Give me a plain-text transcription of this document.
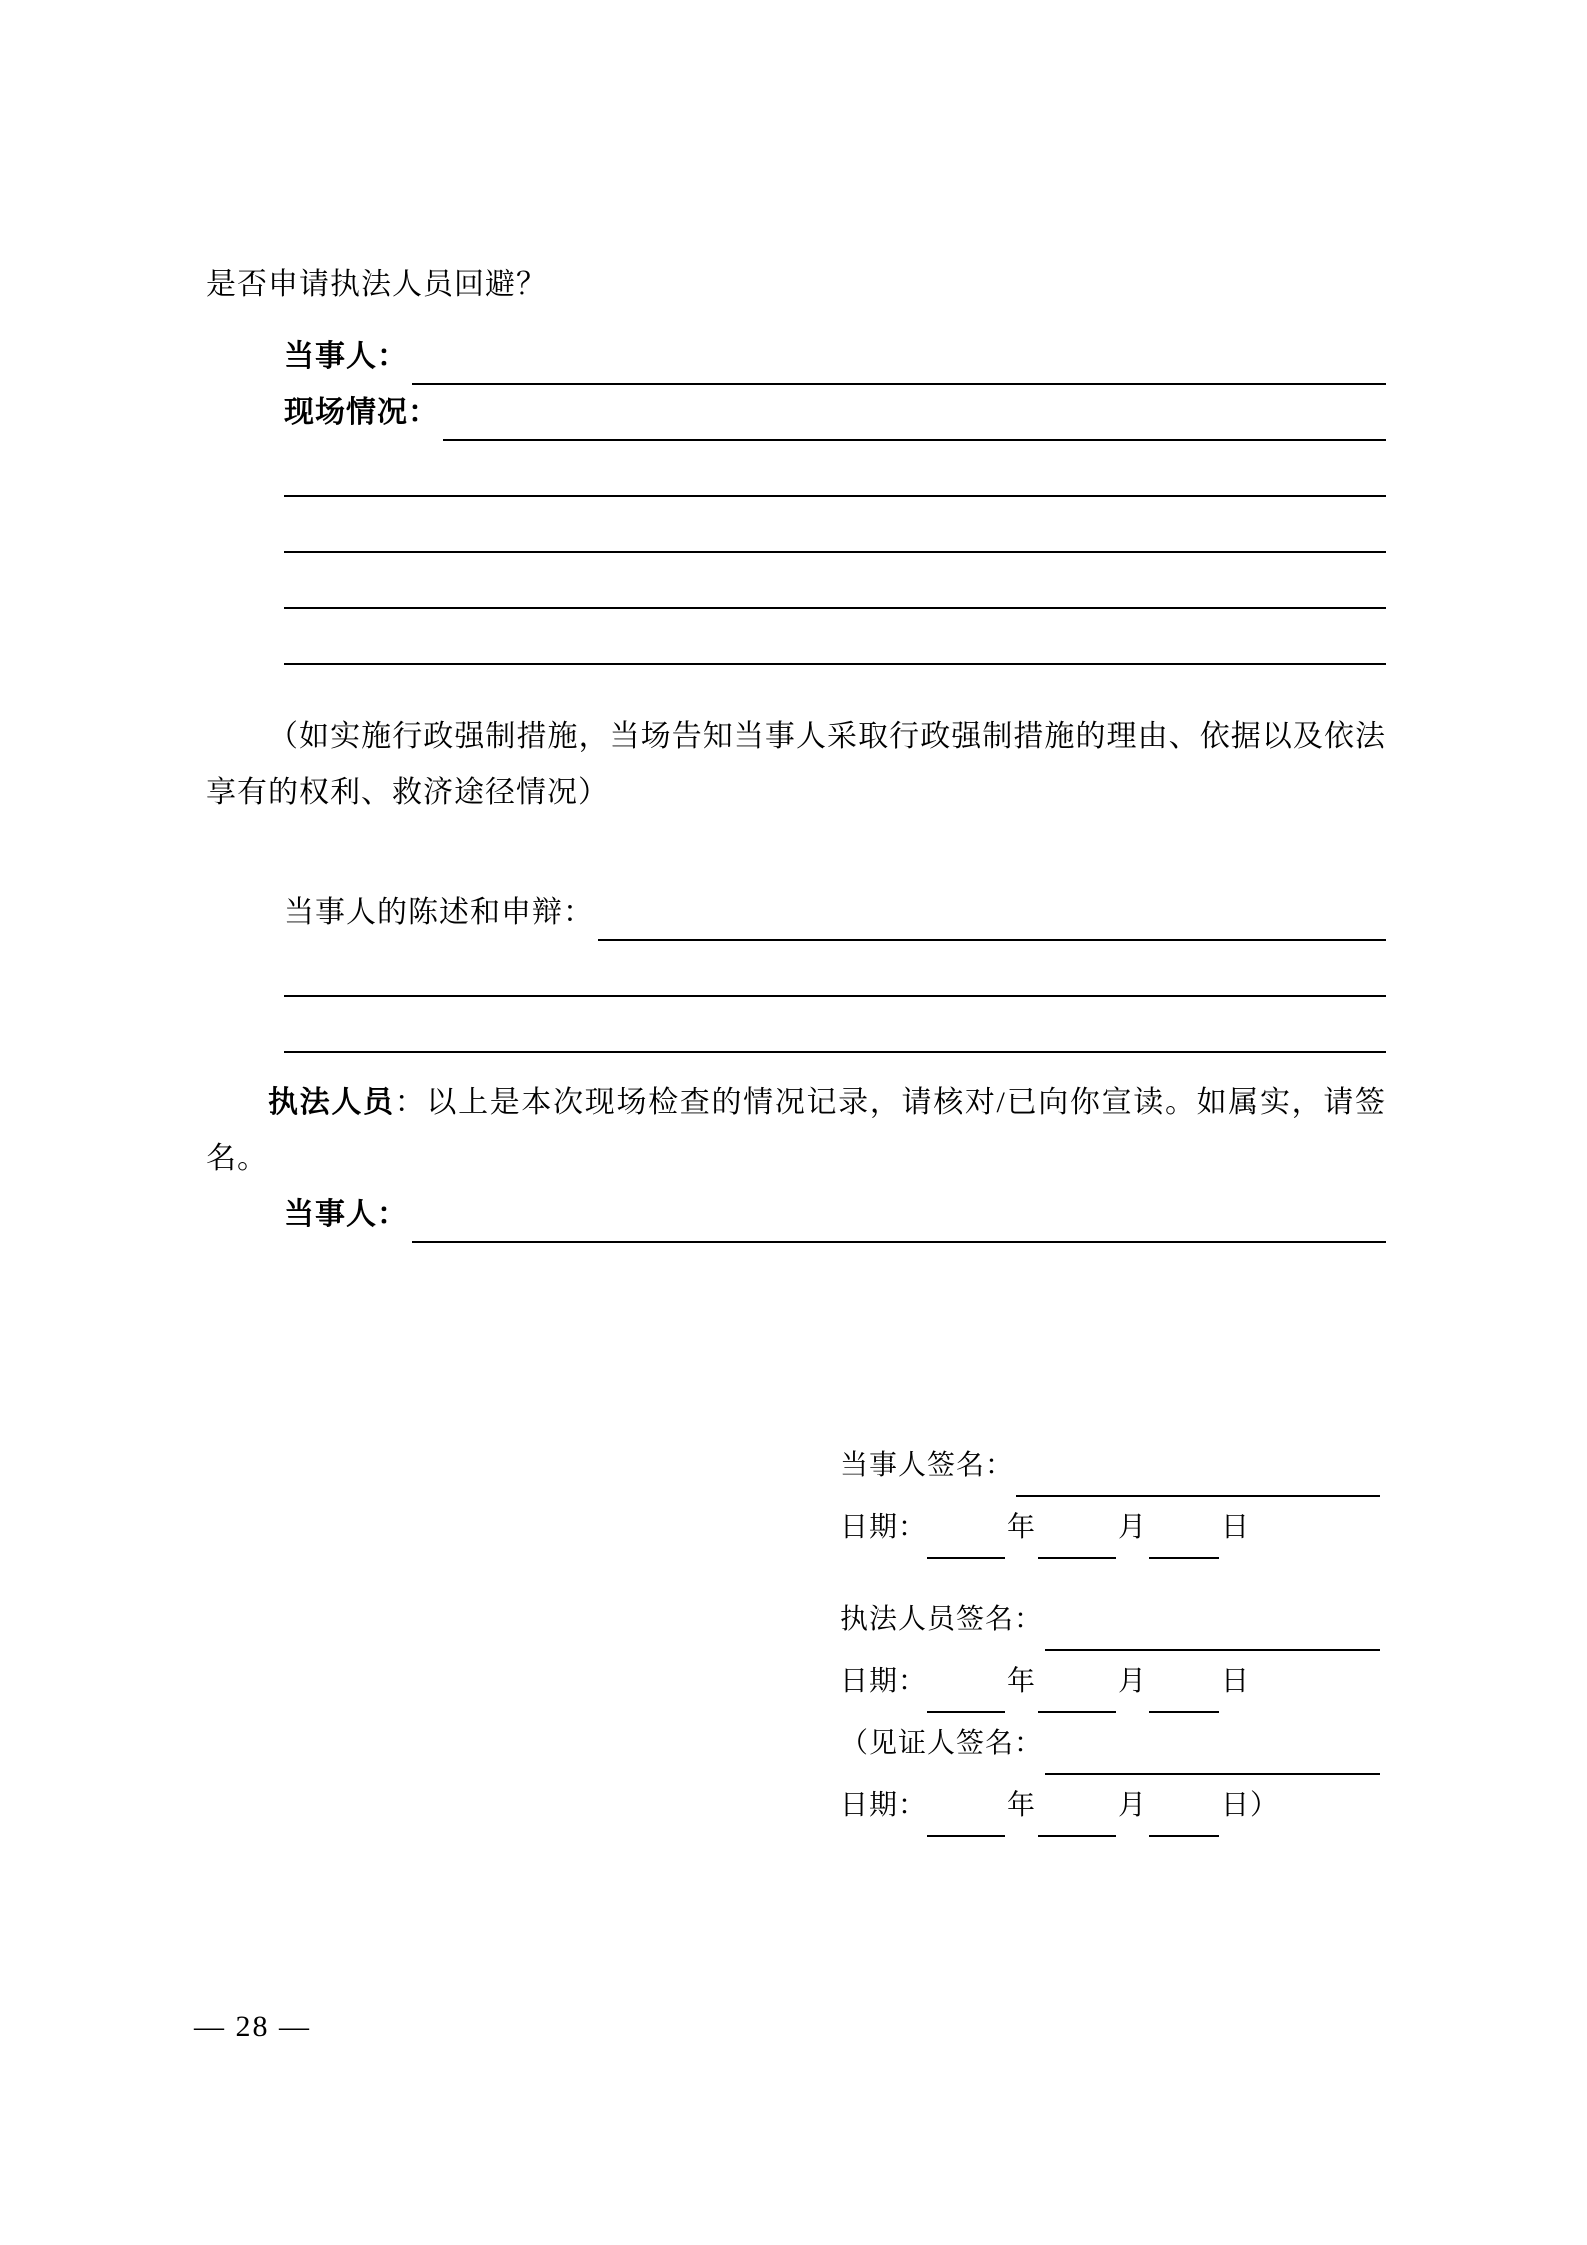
是否申请执法人员回避？
当事人：
现场情况：
（如实施行政强制措施，当场告知当事人采取行政强制措施的理由、依据以及依法享有的权利、救济途径情况）
当事人的陈述和申辩：
执法人员：以上是本次现场检查的情况记录，请核对/已向你宣读。如属实，请签名。
当事人：
当事人签名：
日期：	年	月	日
执法人员签名：
日期：	年	月	日
（见证人签名：
日期：	年	月	日）
— 28 —
